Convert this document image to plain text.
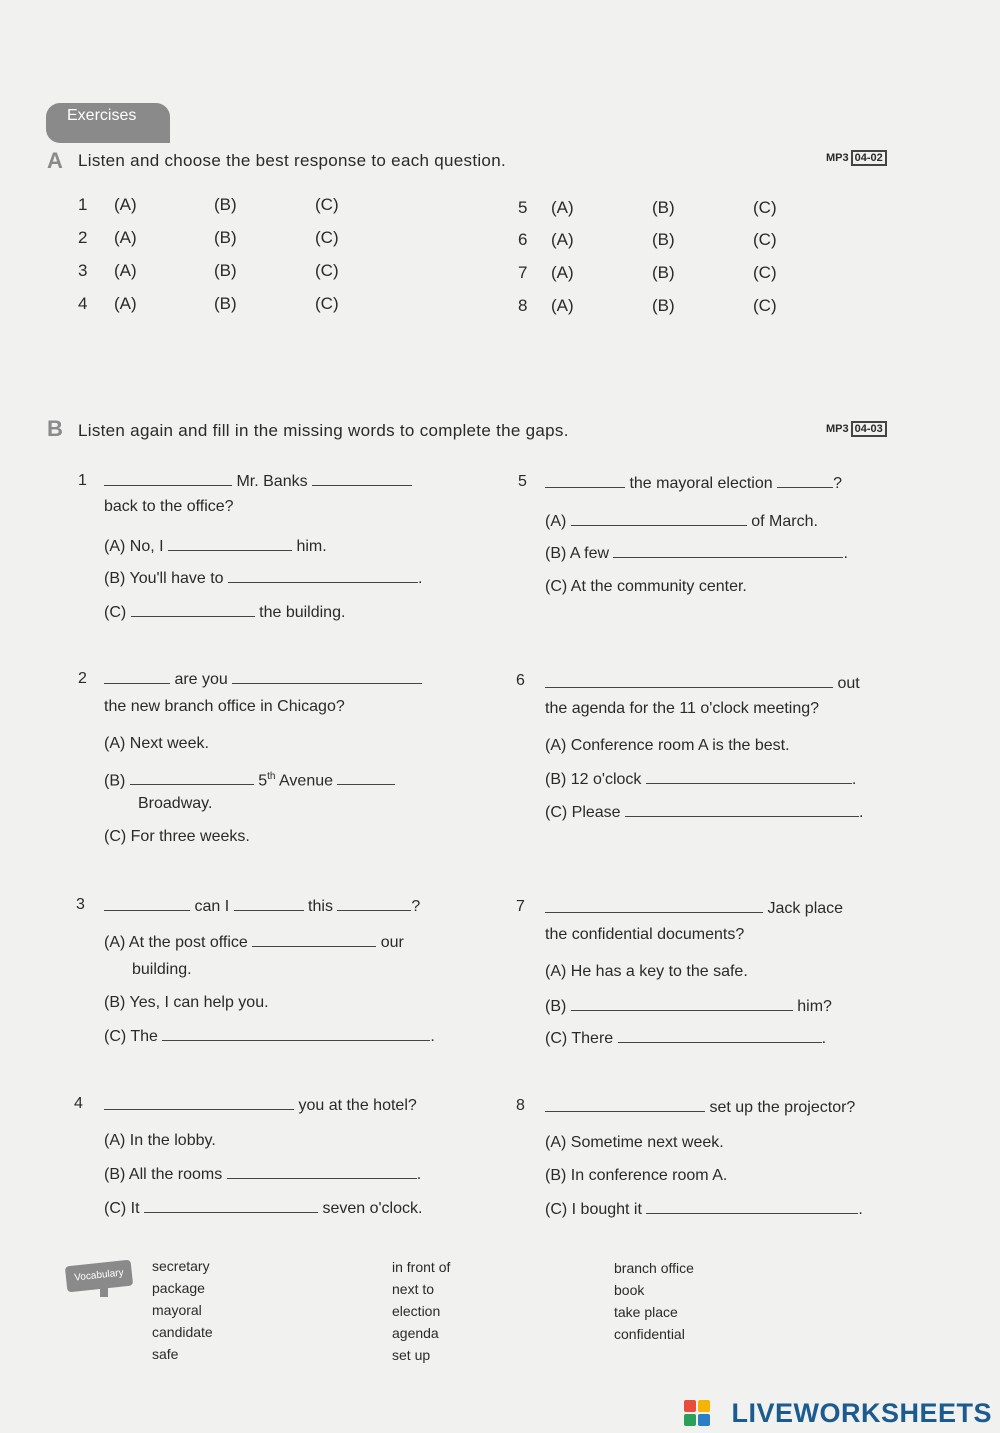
Exercises
A Listen and choose the best response to each question.	MP3 04-02
1 (A)	(B)	(C)
2 (A)	(B)	(C)
3 (A)	(B)	(C)
4 (A)	(B)	(C)
5 (A)	(B)	(C)
6 (A)	(B)	(C)
7 (A)	(B)	(C)
8 (A)	(B)	(C)
B Listen again and fill in the missing words to complete the gaps.	MP3 04-03
1	Mr. Banks
back to the office?
(A) No, I	him.
(B) You'll have to	.
(C)	the building.
2	are you
the new branch office in Chicago?
(A) Next week.
(B)	5th Avenue
Broadway.
(C) For three weeks.
3	can I	this	?
(A) At the post office	our
building.
(B) Yes, I can help you.
(C) The	.
4	you at the hotel?
(A) In the lobby.
(B) All the rooms	.
(C) It	seven o'clock.
5	the mayoral election	?
(A)	of March.
(B) A few	.
(C) At the community center.
6	out
the agenda for the 11 o'clock meeting?
(A) Conference room A is the best.
(B) 12 o'clock	.
(C) Please	.
7	Jack place
the confidential documents?
(A) He has a key to the safe.
(B)	him?
(C) There	.
8	set up the projector?
(A) Sometime next week.
(B) In conference room A.
(C) I bought it	.
Vocabulary
secretary
package
mayoral
candidate
safe
in front of
next to
election
agenda
set up
branch office
book
take place
confidential
LIVEWORKSHEETS
